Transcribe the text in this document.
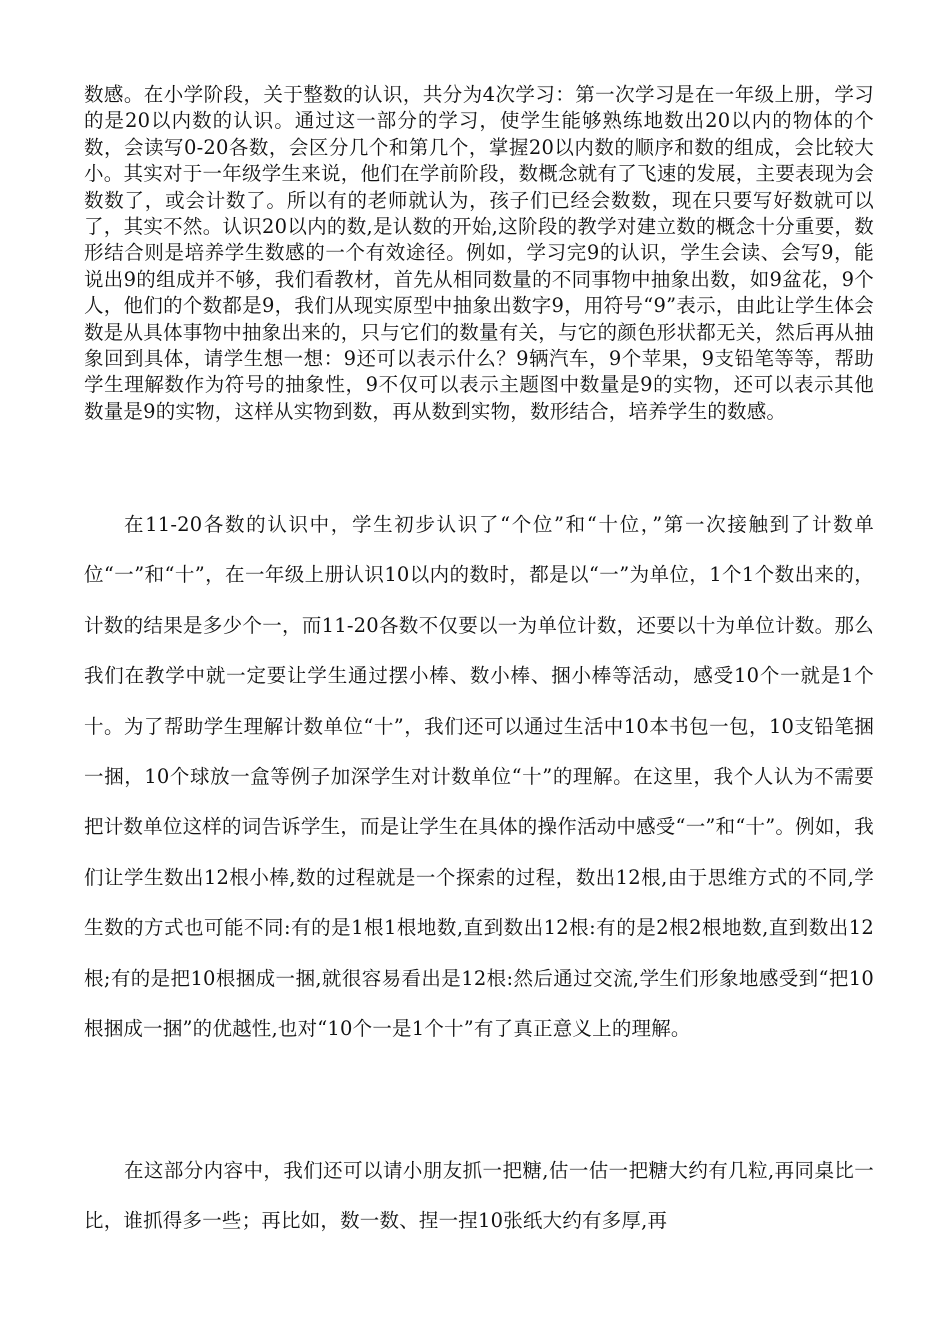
数感。在小学阶段，关于整数的认识，共分为4次学习：第一次学习是在一年级上册，学习的是20以内数的认识。通过这一部分的学习，使学生能够熟练地数出20以内的物体的个数，会读写0-20各数，会区分几个和第几个，掌握20以内数的顺序和数的组成，会比较大小。其实对于一年级学生来说，他们在学前阶段，数概念就有了飞速的发展，主要表现为会数数了，或会计数了。所以有的老师就认为，孩子们已经会数数，现在只要写好数就可以了，其实不然。认识20以内的数,是认数的开始,这阶段的教学对建立数的概念十分重要，数形结合则是培养学生数感的一个有效途径。例如，学习完9的认识，学生会读、会写9，能说出9的组成并不够，我们看教材，首先从相同数量的不同事物中抽象出数，如9盆花，9个人，他们的个数都是9，我们从现实原型中抽象出数字9，用符号“9”表示，由此让学生体会数是从具体事物中抽象出来的，只与它们的数量有关，与它的颜色形状都无关，然后再从抽象回到具体，请学生想一想：9还可以表示什么？9辆汽车，9个苹果，9支铅笔等等，帮助学生理解数作为符号的抽象性，9不仅可以表示主题图中数量是9的实物，还可以表示其他数量是9的实物，这样从实物到数，再从数到实物，数形结合，培养学生的数感。

在11-20各数的认识中，学生初步认识了“个位”和“十位，”第一次接触到了计数单位“一”和“十”，在一年级上册认识10以内的数时，都是以“一”为单位，1个1个数出来的，计数的结果是多少个一，而11-20各数不仅要以一为单位计数，还要以十为单位计数。那么我们在教学中就一定要让学生通过摆小棒、数小棒、捆小棒等活动，感受10个一就是1个十。为了帮助学生理解计数单位“十”，我们还可以通过生活中10本书包一包，10支铅笔捆一捆，10个球放一盒等例子加深学生对计数单位“十”的理解。在这里，我个人认为不需要把计数单位这样的词告诉学生，而是让学生在具体的操作活动中感受“一”和“十”。例如，我们让学生数出12根小棒,数的过程就是一个探索的过程，数出12根,由于思维方式的不同,学生数的方式也可能不同:有的是1根1根地数,直到数出12根:有的是2根2根地数,直到数出12根;有的是把10根捆成一捆,就很容易看出是12根:然后通过交流,学生们形象地感受到“把10根捆成一捆”的优越性,也对“10个一是1个十”有了真正意义上的理解。

在这部分内容中，我们还可以请小朋友抓一把糖,估一估一把糖大约有几粒,再同桌比一比，谁抓得多一些；再比如，数一数、捏一捏10张纸大约有多厚,再
